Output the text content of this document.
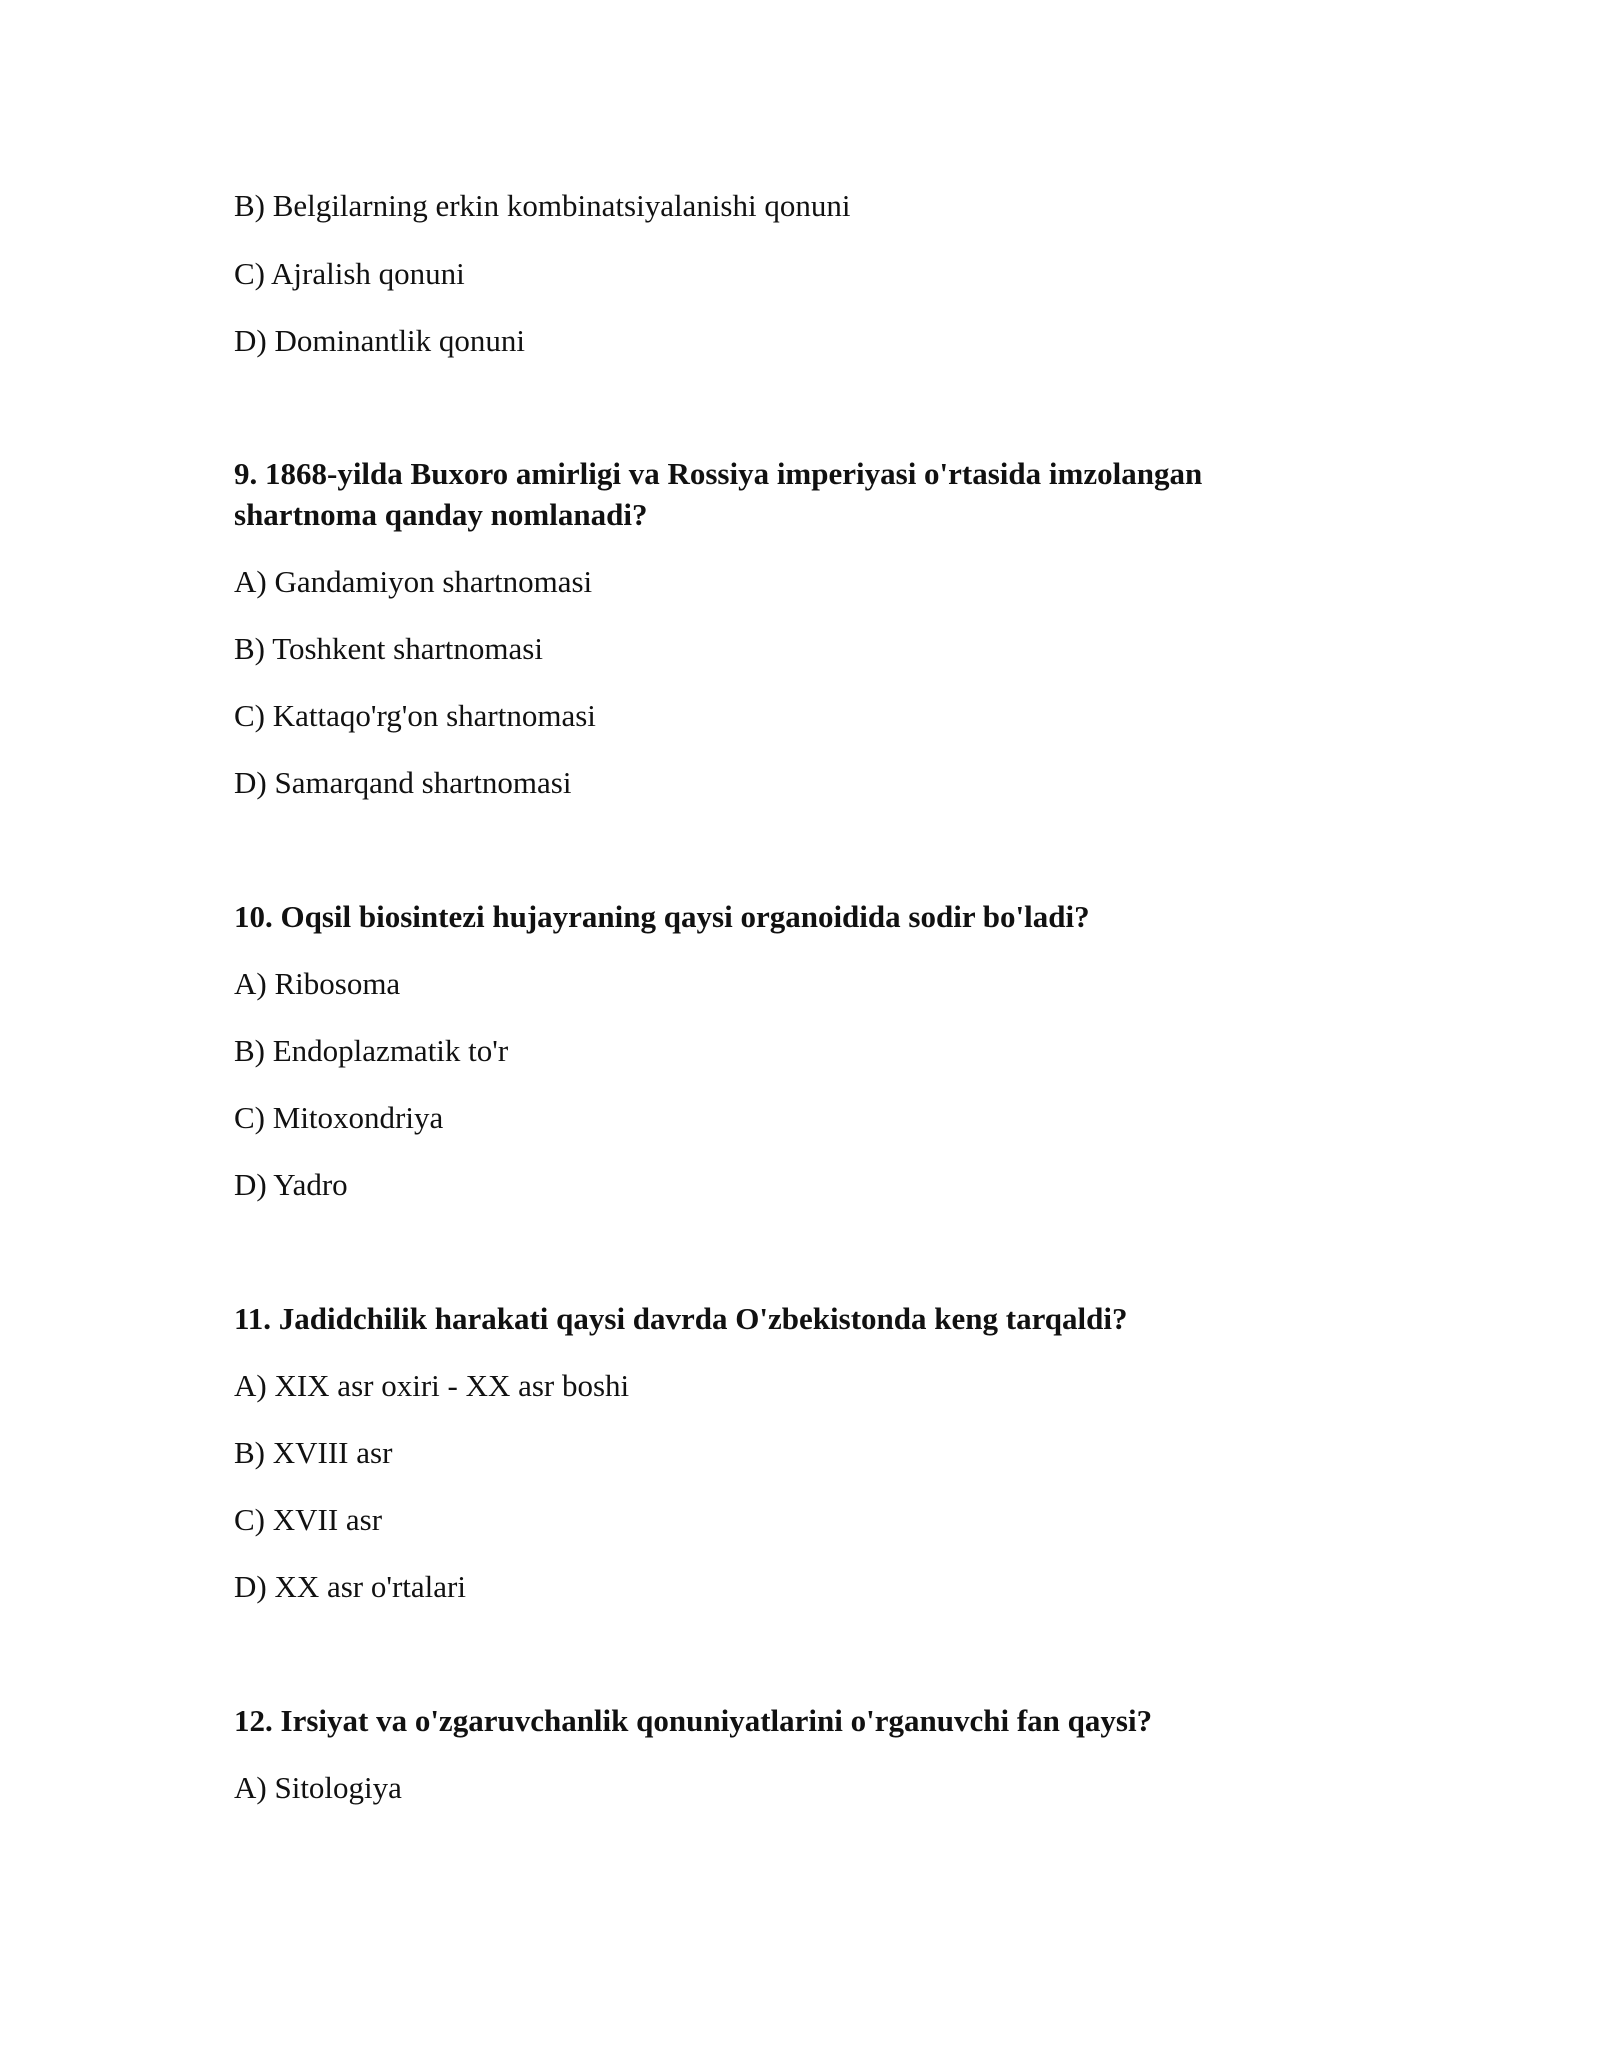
B) Belgilarning erkin kombinatsiyalanishi qonuni
C) Ajralish qonuni
D) Dominantlik qonuni
9. 1868-yilda Buxoro amirligi va Rossiya imperiyasi o'rtasida imzolangan
shartnoma qanday nomlanadi?
A) Gandamiyon shartnomasi
B) Toshkent shartnomasi
C) Kattaqo'rg'on shartnomasi
D) Samarqand shartnomasi
10. Oqsil biosintezi hujayraning qaysi organoidida sodir bo'ladi?
A) Ribosoma
B) Endoplazmatik to'r
C) Mitoxondriya
D) Yadro
11. Jadidchilik harakati qaysi davrda O'zbekistonda keng tarqaldi?
A) XIX asr oxiri - XX asr boshi
B) XVIII asr
C) XVII asr
D) XX asr o'rtalari
12. Irsiyat va o'zgaruvchanlik qonuniyatlarini o'rganuvchi fan qaysi?
A) Sitologiya
